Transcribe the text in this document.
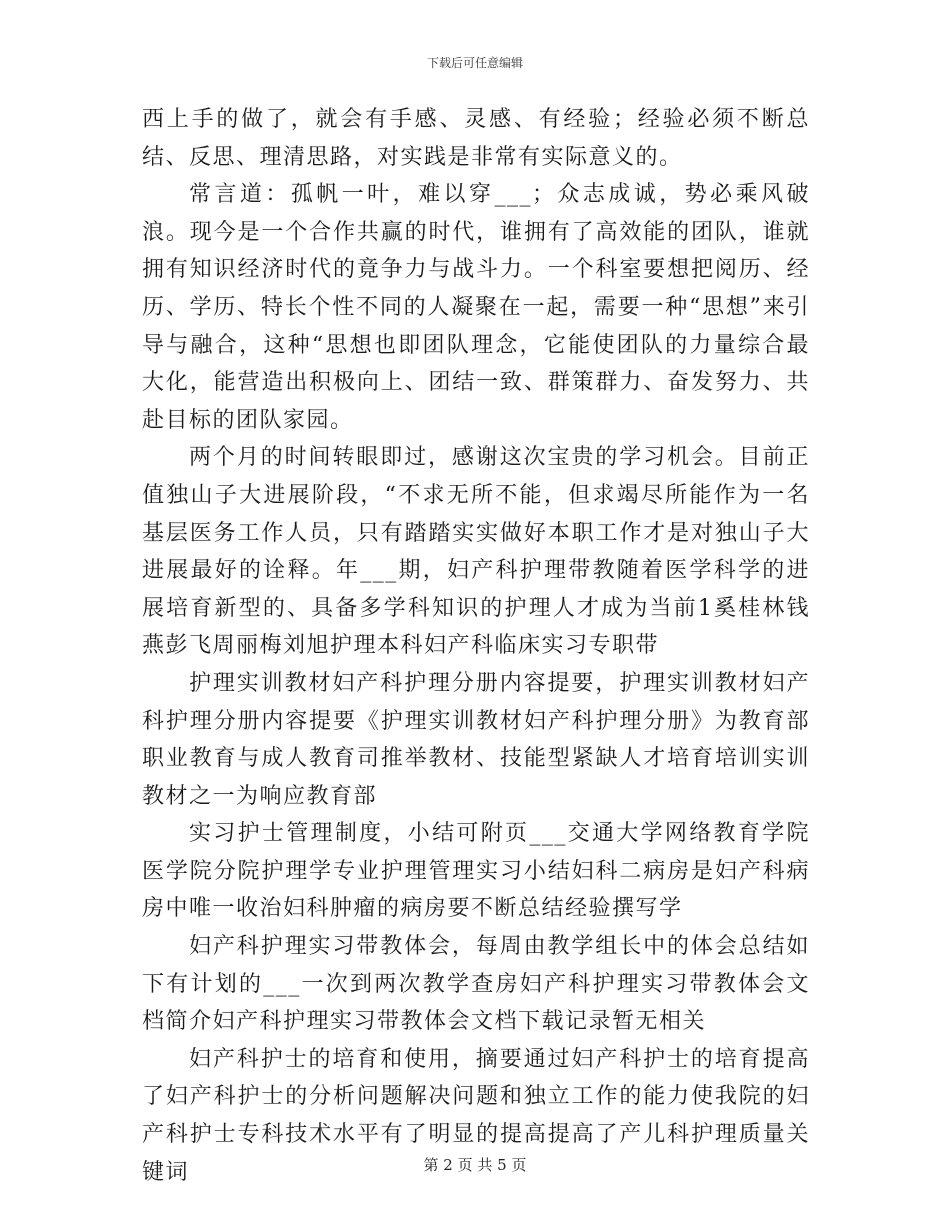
下载后可任意编辑

西上手的做了，就会有手感、灵感、有经验；经验必须不断总结、反思、理清思路，对实践是非常有实际意义的。

常言道：孤帆一叶，难以穿___；众志成诚，势必乘风破浪。现今是一个合作共赢的时代，谁拥有了高效能的团队，谁就拥有知识经济时代的竟争力与战斗力。一个科室要想把阅历、经历、学历、特长个性不同的人凝聚在一起，需要一种“思想”来引导与融合，这种“思想也即团队理念，它能使团队的力量综合最大化，能营造出积极向上、团结一致、群策群力、奋发努力、共赴目标的团队家园。

两个月的时间转眼即过，感谢这次宝贵的学习机会。目前正值独山子大进展阶段，“不求无所不能，但求竭尽所能作为一名基层医务工作人员，只有踏踏实实做好本职工作才是对独山子大进展最好的诠释。年___期，妇产科护理带教随着医学科学的进展培育新型的、具备多学科知识的护理人才成为当前1奚桂林钱燕彭飞周丽梅刘旭护理本科妇产科临床实习专职带

护理实训教材妇产科护理分册内容提要，护理实训教材妇产科护理分册内容提要《护理实训教材妇产科护理分册》为教育部职业教育与成人教育司推举教材、技能型紧缺人才培育培训实训教材之一为响应教育部

实习护士管理制度，小结可附页___交通大学网络教育学院医学院分院护理学专业护理管理实习小结妇科二病房是妇产科病房中唯一收治妇科肿瘤的病房要不断总结经验撰写学

妇产科护理实习带教体会，每周由教学组长中的体会总结如下有计划的___一次到两次教学查房妇产科护理实习带教体会文档简介妇产科护理实习带教体会文档下载记录暂无相关

妇产科护士的培育和使用，摘要通过妇产科护士的培育提高了妇产科护士的分析问题解决问题和独立工作的能力使我院的妇产科护士专科技术水平有了明显的提高提高了产儿科护理质量关键词	第 2 页 共 5 页
